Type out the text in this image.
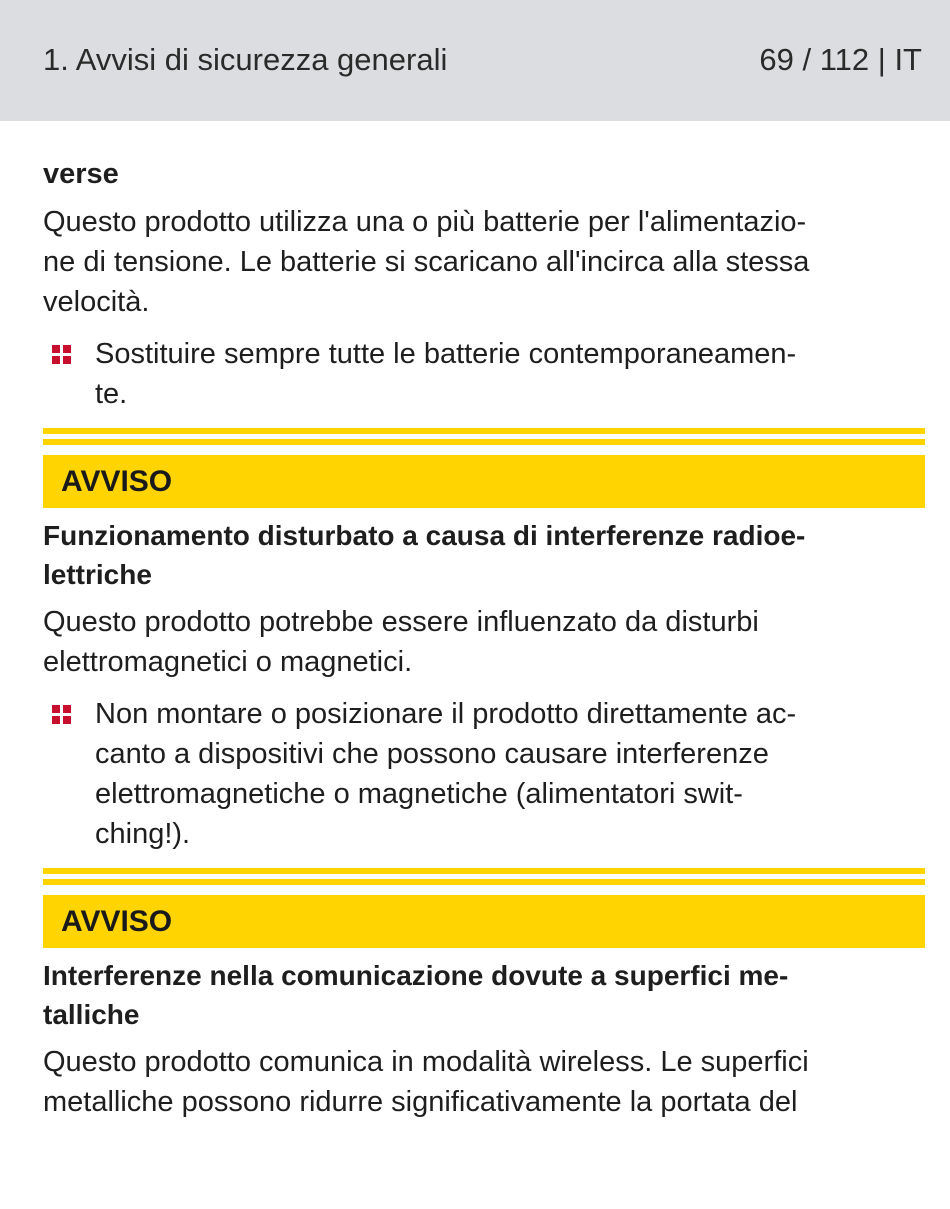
1. Avvisi di sicurezza generali	69 / 112 | IT

verse

Questo prodotto utilizza una o più batterie per l'alimentazio-
ne di tensione. Le batterie si scaricano all'incirca alla stessa
velocità.
Sostituire sempre tutte le batterie contemporaneamen-
te.
AVVISO
Funzionamento disturbato a causa di interferenze radioe-
lettriche
Questo prodotto potrebbe essere influenzato da disturbi
elettromagnetici o magnetici.
Non montare o posizionare il prodotto direttamente ac-
canto a dispositivi che possono causare interferenze
elettromagnetiche o magnetiche (alimentatori swit-
ching!).
AVVISO
Interferenze nella comunicazione dovute a superfici me-
talliche
Questo prodotto comunica in modalità wireless. Le superfici
metalliche possono ridurre significativamente la portata del
